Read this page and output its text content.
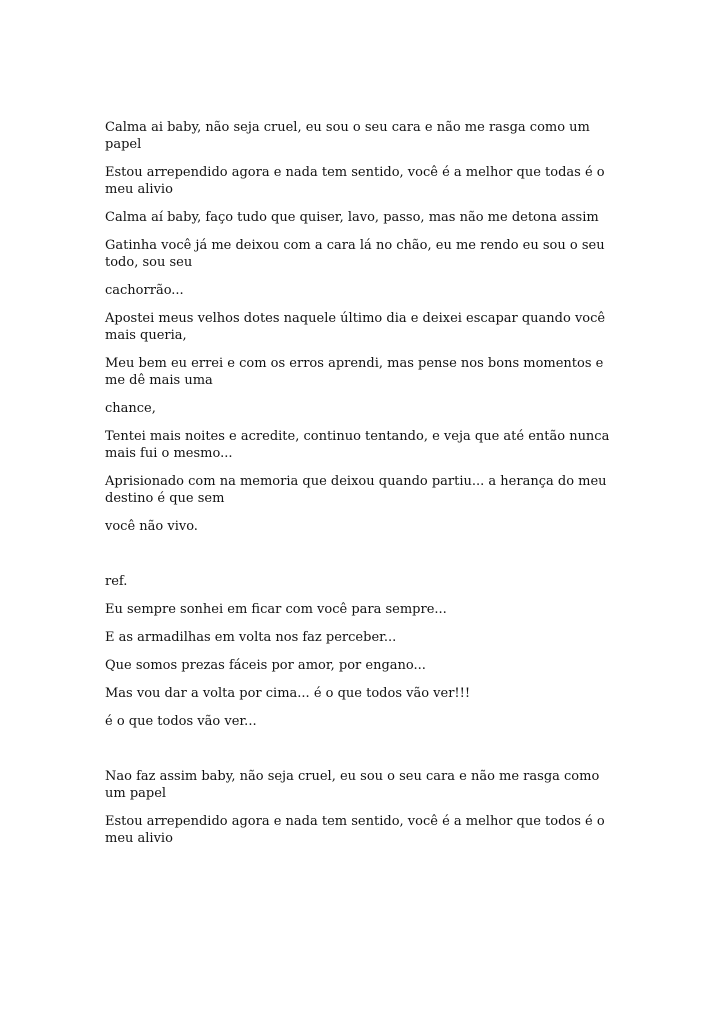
Calma ai baby, não seja cruel, eu sou o seu cara e não me rasga como um papel

Estou arrependido agora e nada tem sentido, você é a melhor que todas é o meu alivio

Calma aí baby, faço tudo que quiser, lavo, passo, mas não me detona assim

Gatinha você já me deixou com a cara lá no chão, eu me rendo eu sou o seu todo, sou seu

cachorrão...

Apostei meus velhos dotes naquele último dia e deixei escapar quando você mais queria,

Meu bem eu errei e com os erros aprendi, mas pense nos bons momentos e me dê mais uma

chance,

Tentei mais noites e acredite, continuo tentando, e veja que até então nunca mais fui o mesmo...

Aprisionado com na memoria que deixou quando partiu... a herança do meu destino é que sem

você não vivo.

ref.

Eu sempre sonhei em ficar com você para sempre...

E as armadilhas em volta nos faz perceber...

Que somos prezas fáceis por amor, por engano...

Mas vou dar a volta por cima... é o que todos vão ver!!!

é o que todos vão ver...

Nao faz assim baby, não seja cruel, eu sou o seu cara e não me rasga como um papel

Estou arrependido agora e nada tem sentido, você é a melhor que todos é o meu alivio
